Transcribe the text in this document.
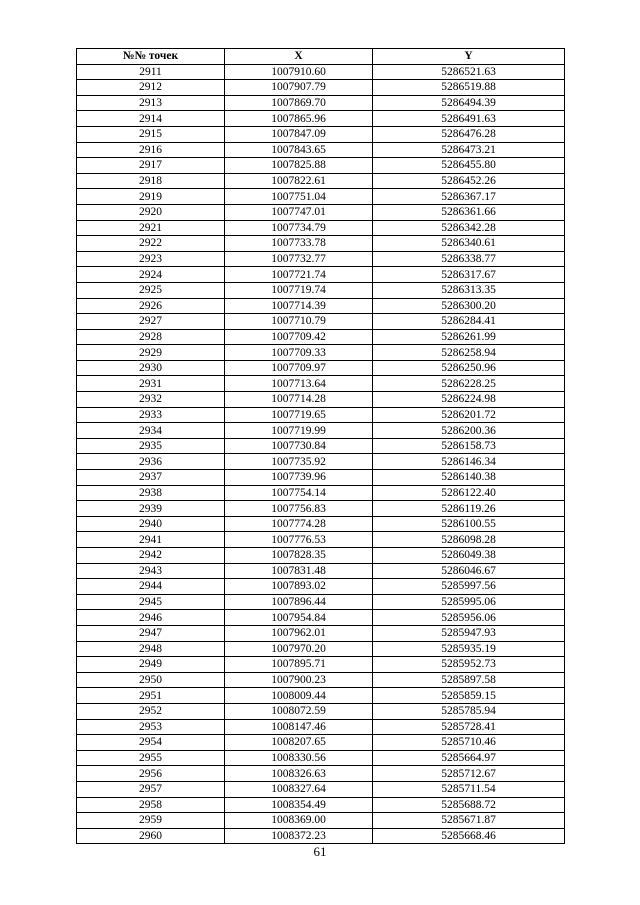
№№ точек	X	Y
2911	1007910.60	5286521.63
2912	1007907.79	5286519.88
2913	1007869.70	5286494.39
2914	1007865.96	5286491.63
2915	1007847.09	5286476.28
2916	1007843.65	5286473.21
2917	1007825.88	5286455.80
2918	1007822.61	5286452.26
2919	1007751.04	5286367.17
2920	1007747.01	5286361.66
2921	1007734.79	5286342.28
2922	1007733.78	5286340.61
2923	1007732.77	5286338.77
2924	1007721.74	5286317.67
2925	1007719.74	5286313.35
2926	1007714.39	5286300.20
2927	1007710.79	5286284.41
2928	1007709.42	5286261.99
2929	1007709.33	5286258.94
2930	1007709.97	5286250.96
2931	1007713.64	5286228.25
2932	1007714.28	5286224.98
2933	1007719.65	5286201.72
2934	1007719.99	5286200.36
2935	1007730.84	5286158.73
2936	1007735.92	5286146.34
2937	1007739.96	5286140.38
2938	1007754.14	5286122.40
2939	1007756.83	5286119.26
2940	1007774.28	5286100.55
2941	1007776.53	5286098.28
2942	1007828.35	5286049.38
2943	1007831.48	5286046.67
2944	1007893.02	5285997.56
2945	1007896.44	5285995.06
2946	1007954.84	5285956.06
2947	1007962.01	5285947.93
2948	1007970.20	5285935.19
2949	1007895.71	5285952.73
2950	1007900.23	5285897.58
2951	1008009.44	5285859.15
2952	1008072.59	5285785.94
2953	1008147.46	5285728.41
2954	1008207.65	5285710.46
2955	1008330.56	5285664.97
2956	1008326.63	5285712.67
2957	1008327.64	5285711.54
2958	1008354.49	5285688.72
2959	1008369.00	5285671.87
2960	1008372.23	5285668.46
61
